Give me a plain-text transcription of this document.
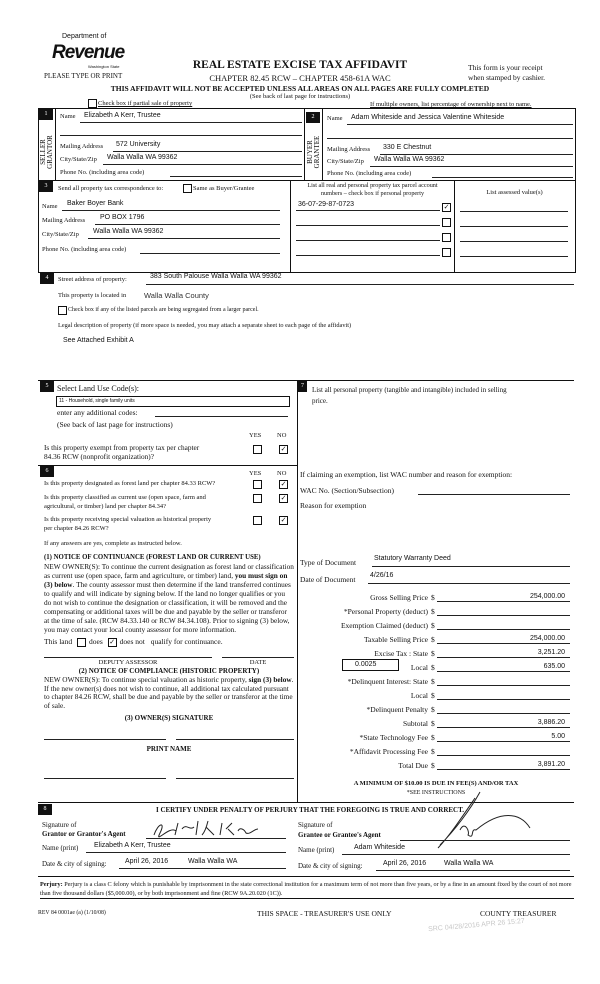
Department of
Revenue
Washington State
PLEASE TYPE OR PRINT
REAL ESTATE EXCISE TAX AFFIDAVIT
CHAPTER 82.45 RCW – CHAPTER 458-61A WAC
THIS AFFIDAVIT WILL NOT BE ACCEPTED UNLESS ALL AREAS ON ALL PAGES ARE FULLY COMPLETED
(See back of last page for instructions)
This form is your receipt
when stamped by cashier.
Check box if partial sale of property	If multiple owners, list percentage of ownership next to name.
1	2
SELLER GRANTOR	BUYER GRANTEE
Name Elizabeth A Kerr, Trustee
Mailing Address 572 University
City/State/Zip Walla Walla WA 99362
Phone No. (including area code)
Name Adam Whiteside and Jessica Valentine Whiteside
Mailing Address 330 E Chestnut
City/State/Zip Walla Walla WA 99362
Phone No. (including area code)
3	Send all property tax correspondence to:	Same as Buyer/Grantee
Name Baker Boyer Bank
Mailing Address PO BOX 1796
City/State/Zip Walla Walla WA 99362
Phone No. (including area code)
List all real and personal property tax parcel account
numbers – check box if personal property	List assessed value(s)
36-07-29-87-0723	✓
4	Street address of property:	383 South Palouse Walla Walla WA 99362
This property is located in Walla Walla County
Check box if any of the listed parcels are being segregated from a larger parcel.
Legal description of property (if more space is needed, you may attach a separate sheet to each page of the affidavit)
See Attached Exhibit A
5	Select Land Use Code(s):
11 - Household, single family units
enter any additional codes:
(See back of last page for instructions)
YES NO
Is this property exempt from property tax per chapter
84.36 RCW (nonprofit organization)?
✓
6	YES NO
Is this property designated as forest land per chapter 84.33 RCW?	✓
Is this property classified as current use (open space, farm and
agricultural, or timber) land per chapter 84.34?
✓
Is this property receiving special valuation as historical property
per chapter 84.26 RCW?
✓
If any answers are yes, complete as instructed below.
(1) NOTICE OF CONTINUANCE (FOREST LAND OR CURRENT USE)
NEW OWNER(S): To continue the current designation as forest land or classification as current use (open space, farm and agriculture, or timber) land, you must sign on (3) below. The county assessor must then determine if the land transferred continues to qualify and will indicate by signing below. If the land no longer qualifies or you do not wish to continue the designation or classification, it will be removed and the compensating or additional taxes will be due and payable by the seller or transferor at the time of sale. (RCW 84.33.140 or RCW 84.34.108). Prior to signing (3) below, you may contact your local county assessor for more information.
This land does ✓ does not qualify for continuance.
DEPUTY ASSESSOR	DATE
(2) NOTICE OF COMPLIANCE (HISTORIC PROPERTY)
NEW OWNER(S): To continue special valuation as historic property, sign (3) below. If the new owner(s) does not wish to continue, all additional tax calculated pursuant to chapter 84.26 RCW, shall be due and payable by the seller or transferor at the time of sale.
(3) OWNER(S) SIGNATURE
PRINT NAME
7	List all personal property (tangible and intangible) included in selling
price.
If claiming an exemption, list WAC number and reason for exemption:
WAC No. (Section/Subsection)
Reason for exemption
Type of Document	Statutory Warranty Deed
Date of Document 4/26/16
0.0025
Gross Selling Price $	254,000.00
*Personal Property (deduct) $
Exemption Claimed (deduct) $
Taxable Selling Price $	254,000.00
Excise Tax : State $	3,251.20
Local $	635.00
*Delinquent Interest: State $
Local $
*Delinquent Penalty $
Subtotal $	3,886.20
*State Technology Fee $	5.00
*Affidavit Processing Fee $
Total Due $	3,891.20
A MINIMUM OF $10.00 IS DUE IN FEE(S) AND/OR TAX
*SEE INSTRUCTIONS
8	I CERTIFY UNDER PENALTY OF PERJURY THAT THE FOREGOING IS TRUE AND CORRECT.
Signature of
Grantor or Grantor's Agent
Name (print) Elizabeth A Kerr, Trustee
Date & city of signing:	April 26, 2016	Walla Walla WA
Signature of
Grantee or Grantee's Agent
Name (print)	Adam Whiteside
Date & city of signing:	April 26, 2016	Walla Walla WA
Perjury: Perjury is a class C felony which is punishable by imprisonment in the state correctional institution for a maximum term of not more than five years, or by a fine in an amount fixed by the court of not more than five thousand dollars ($5,000.00), or by both imprisonment and fine (RCW 9A.20.020 (1C)).
REV 84 0001ae (a) (1/10/08)	THIS SPACE - TREASURER'S USE ONLY	COUNTY TREASURER
SRC 04/28/2016 APR 26 15:27
